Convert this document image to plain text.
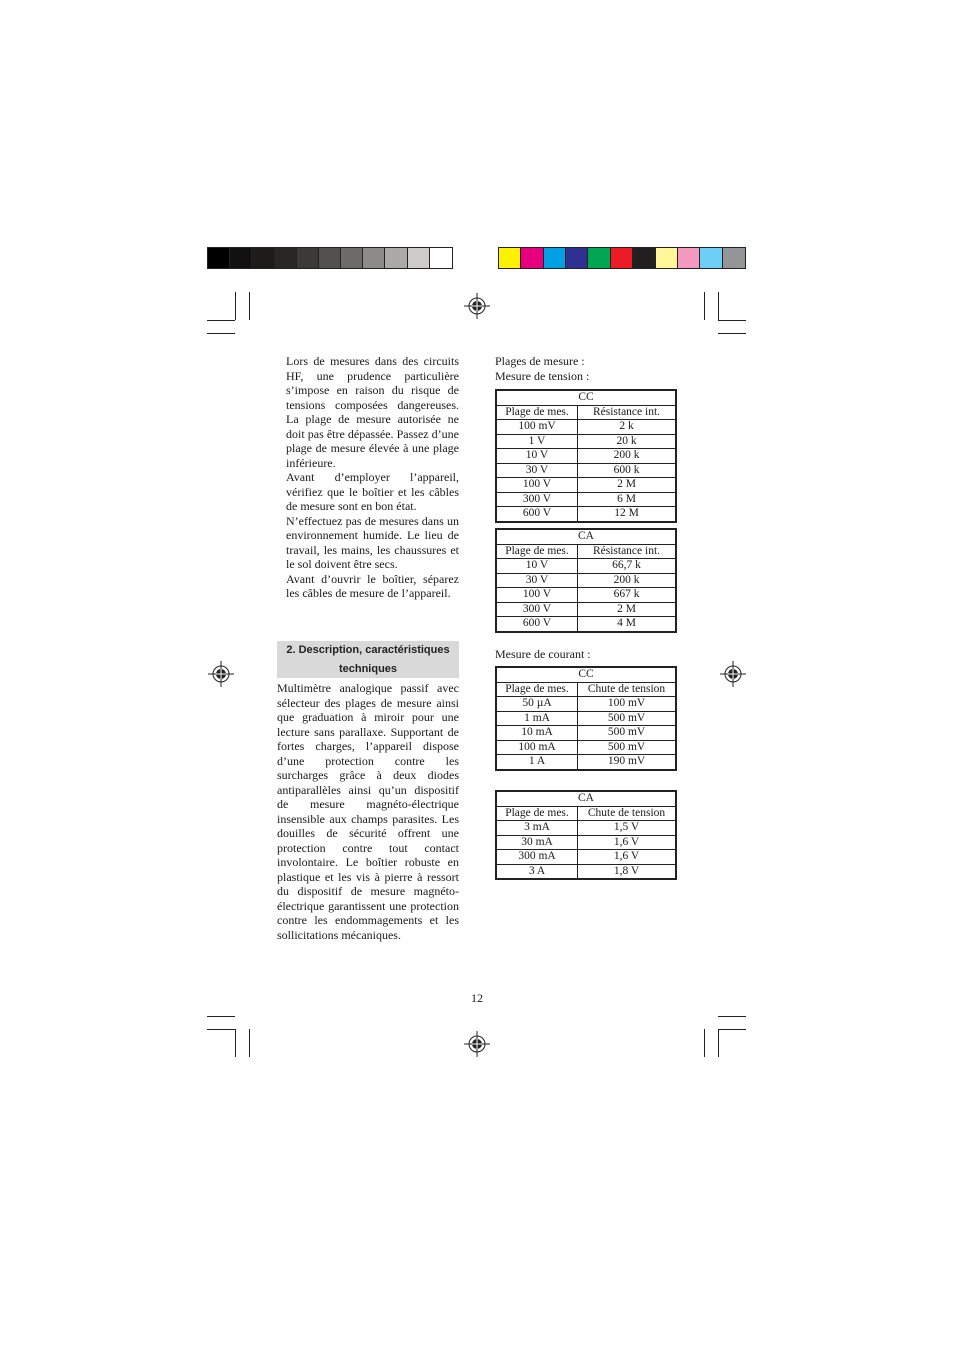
Lors de mesures dans des circuits HF, une prudence particulière s’impose en raison du risque de tensions composées dangereuses. La plage de mesure autorisée ne doit pas être dépassée. Passez d’une plage de mesure élevée à une plage inférieure.

Avant d’employer l’appareil, vérifiez que le boîtier et les câbles de mesure sont en bon état.

N’effectuez pas de mesures dans un environnement humide. Le lieu de travail, les mains, les chaussures et le sol doivent être secs.

Avant d’ouvrir le boîtier, séparez les câbles de mesure de l’appareil.

2. Description, caractéristiques
techniques

Multimètre analogique passif avec sélecteur des plages de mesure ainsi que graduation à miroir pour une lecture sans parallaxe. Supportant de fortes charges, l’appareil dispose d’une protection contre les surcharges grâce à deux diodes antiparallèles ainsi qu’un dispositif de mesure magnéto-électrique insensible aux champs parasites. Les douilles de sécurité offrent une protection contre tout contact involontaire. Le boîtier robuste en plastique et les vis à pierre à ressort du dispositif de mesure magnéto-électrique garantissent une protection contre les endommagements et les sollicitations mécaniques.

Plages de mesure :
Mesure de tension :
CC	
Plage de mes.	Résistance int.
100 mV	2 k
1 V	20 k
10 V	200 k
30 V	600 k
100 V	2 M
300 V	6 M
600 V	12 M
CA	
Plage de mes.	Résistance int.
10 V	66,7 k
30 V	200 k
100 V	667 k
300 V	2 M
600 V	4 M
Mesure de courant :
CC	
Plage de mes.	Chute de tension
50 µA	100 mV
1 mA	500 mV
10 mA	500 mV
100 mA	500 mV
1 A	190 mV
CA	
Plage de mes.	Chute de tension
3 mA	1,5 V
30 mA	1,6 V
300 mA	1,6 V
3 A	1,8 V
12
